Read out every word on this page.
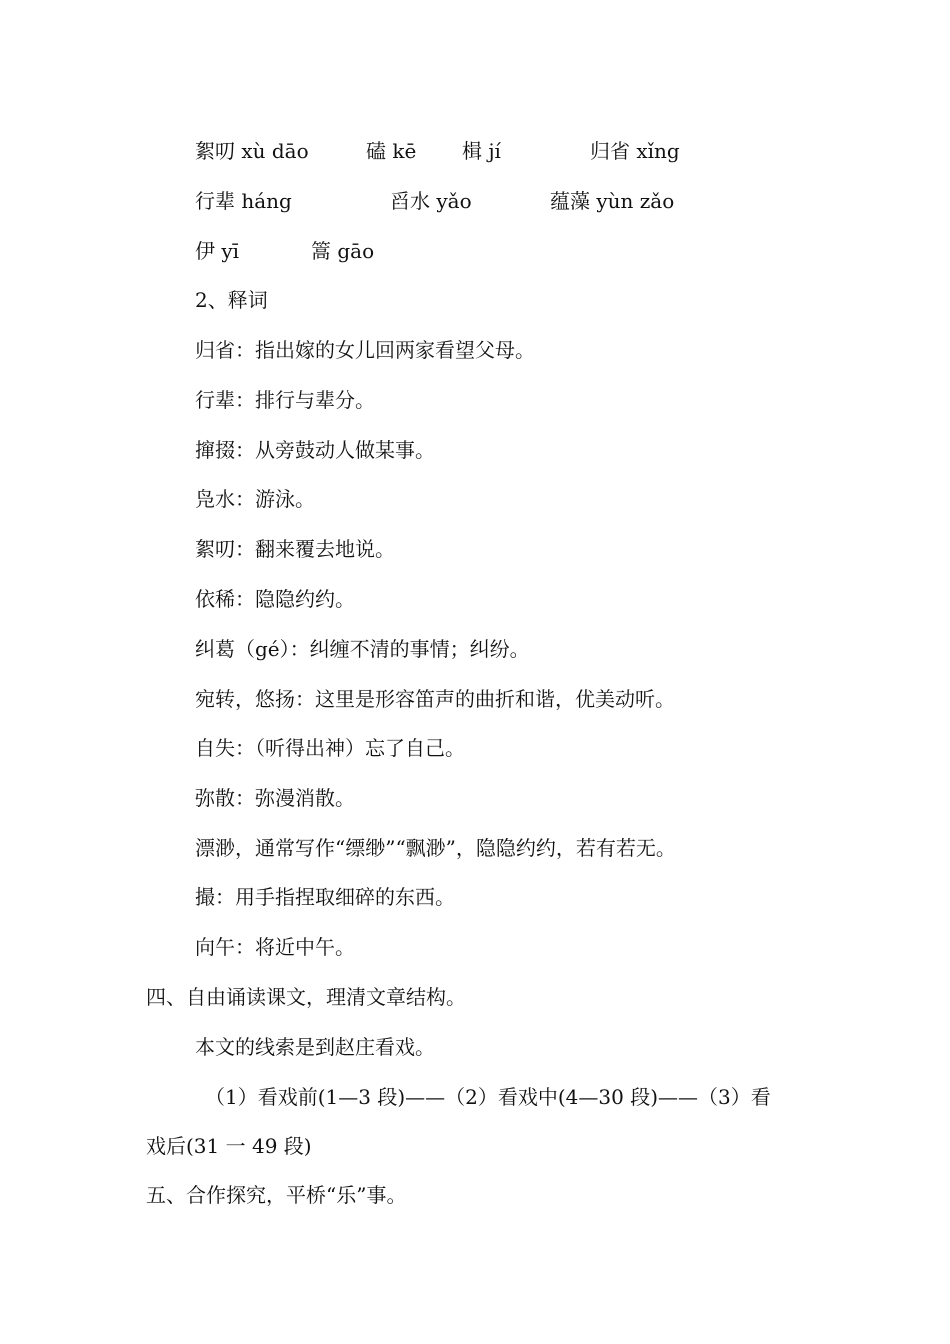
絮叨 xù dāo	磕 kē 楫 jí	归省 xǐng
行辈 háng	舀水 yǎo	蕴藻 yùn zǎo
伊 yī	篙 gāo
2、释词
归省：指出嫁的女儿回两家看望父母。
行辈：排行与辈分。
撺掇：从旁鼓动人做某事。
凫水：游泳。
絮叨：翻来覆去地说。
依稀：隐隐约约。
纠葛（gé）：纠缠不清的事情；纠纷。
宛转，悠扬：这里是形容笛声的曲折和谐，优美动听。
自失：（听得出神）忘了自己。
弥散：弥漫消散。
漂渺，通常写作“缥缈”“飘渺”，隐隐约约，若有若无。
撮：用手指捏取细碎的东西。
向午：将近中午。
四、自由诵读课文，理清文章结构。
本文的线索是到赵庄看戏。
（1）看戏前(1—3 段)——（2）看戏中(4—30 段)——（3）看
戏后(31 一 49 段)
五、合作探究，平桥“乐”事。
